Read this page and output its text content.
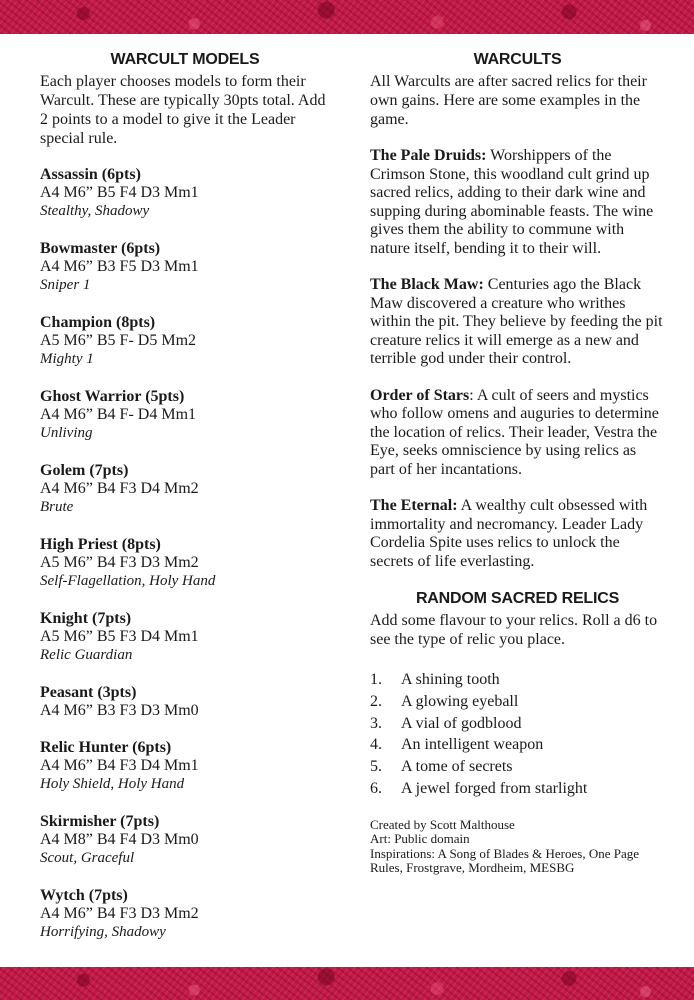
WARCULT MODELS

Each player chooses models to form their Warcult. These are typically 30pts total. Add 2 points to a model to give it the Leader special rule.

Assassin (6pts)
A4 M6” B5 F4 D3 Mm1
Stealthy, Shadowy
Bowmaster (6pts)
A4 M6” B3 F5 D3 Mm1
Sniper 1
Champion (8pts)
A5 M6” B5 F- D5 Mm2
Mighty 1
Ghost Warrior (5pts)
A4 M6” B4 F- D4 Mm1
Unliving
Golem (7pts)
A4 M6” B4 F3 D4 Mm2
Brute
High Priest (8pts)
A5 M6” B4 F3 D3 Mm2
Self-Flagellation, Holy Hand
Knight (7pts)
A5 M6” B5 F3 D4 Mm1
Relic Guardian
Peasant (3pts)
A4 M6” B3 F3 D3 Mm0
Relic Hunter (6pts)
A4 M6” B4 F3 D4 Mm1
Holy Shield, Holy Hand
Skirmisher (7pts)
A4 M8” B4 F4 D3 Mm0
Scout, Graceful
Wytch (7pts)
A4 M6” B4 F3 D3 Mm2
Horrifying, Shadowy
WARCULTS

All Warcults are after sacred relics for their own gains. Here are some examples in the game.

The Pale Druids: Worshippers of the Crimson Stone, this woodland cult grind up sacred relics, adding to their dark wine and supping during abominable feasts. The wine gives them the ability to commune with nature itself, bending it to their will.

The Black Maw: Centuries ago the Black Maw discovered a creature who writhes within the pit. They believe by feeding the pit creature relics it will emerge as a new and terrible god under their control.

Order of Stars: A cult of seers and mystics who follow omens and auguries to determine the location of relics. Their leader, Vestra the Eye, seeks omniscience by using relics as part of her incantations.

The Eternal: A wealthy cult obsessed with immortality and necromancy. Leader Lady Cordelia Spite uses relics to unlock the secrets of life everlasting.

RANDOM SACRED RELICS

Add some flavour to your relics. Roll a d6 to see the type of relic you place.

1. A shining tooth
2. A glowing eyeball
3. A vial of godblood
4. An intelligent weapon
5. A tome of secrets
6. A jewel forged from starlight
Created by Scott Malthouse
Art: Public domain
Inspirations: A Song of Blades & Heroes, One Page Rules, Frostgrave, Mordheim, MESBG
